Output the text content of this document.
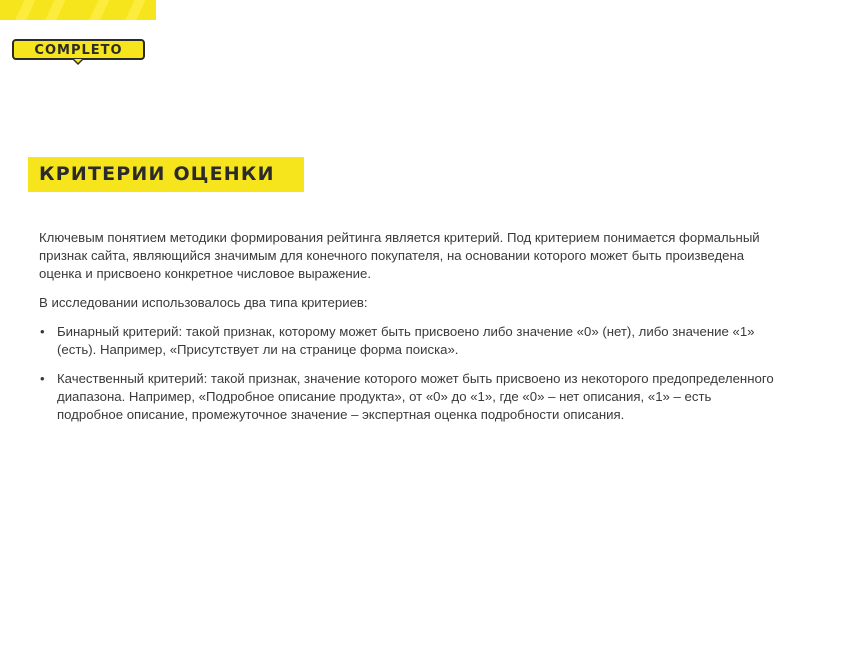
COMPLETO
КРИТЕРИИ ОЦЕНКИ

Ключевым понятием методики формирования рейтинга является критерий. Под критерием понимается формальный признак сайта, являющийся значимым для конечного покупателя, на основании которого может быть произведена оценка и присвоено конкретное числовое выражение.

В исследовании использовалось два типа критериев:

• Бинарный критерий: такой признак, которому может быть присвоено либо значение «0» (нет), либо значение «1» (есть). Например, «Присутствует ли на странице форма поиска».
• Качественный критерий: такой признак, значение которого может быть присвоено из некоторого предопределенного диапазона. Например, «Подробное описание продукта», от «0» до «1», где «0» – нет описания, «1» – есть подробное описание, промежуточное значение – экспертная оценка подробности описания.
